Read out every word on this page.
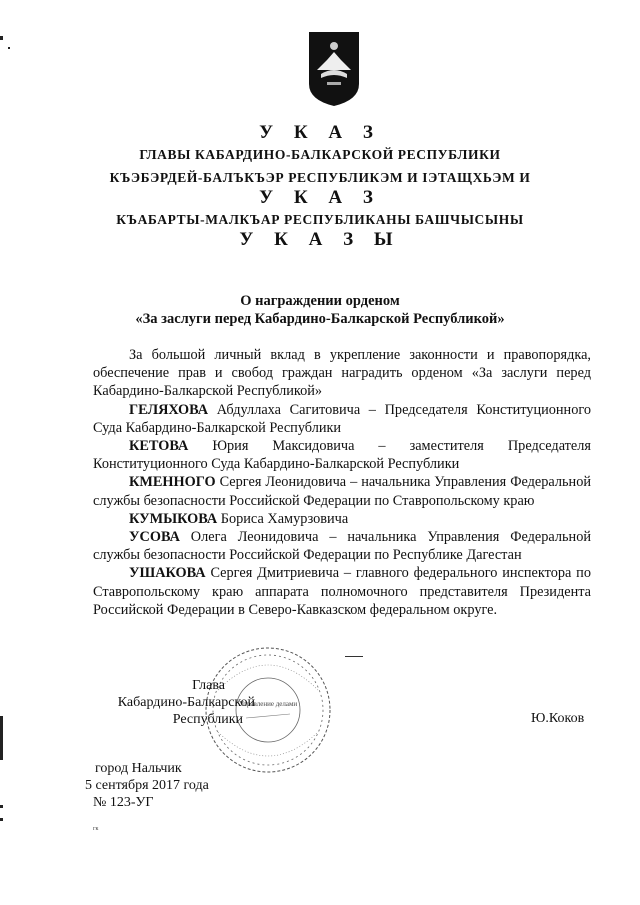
У К А З
ГЛАВЫ КАБАРДИНО-БАЛКАРСКОЙ РЕСПУБЛИКИ
КЪЭБЭРДЕЙ-БАЛЪКЪЭР РЕСПУБЛИКЭМ И ІЭТАЩХЬЭМ И
У К А З
КЪАБАРТЫ-МАЛКЪАР РЕСПУБЛИКАНЫ БАШЧЫСЫНЫ
У К А З Ы
О награждении орденом
«За заслуги перед Кабардино-Балкарской Республикой»

За большой личный вклад в укрепление законности и правопорядка, обеспечение прав и свобод граждан наградить орденом «За заслуги перед Кабардино-Балкарской Республикой»

ГЕЛЯХОВА Абдуллаха Сагитовича – Председателя Конституционного Суда Кабардино-Балкарской Республики

КЕТОВА Юрия Максидовича – заместителя Председателя Конституционного Суда Кабардино-Балкарской Республики

КМЕННОГО Сергея Леонидовича – начальника Управления Федеральной службы безопасности Российской Федерации по Ставропольскому краю

КУМЫКОВА Бориса Хамурзовича

УСОВА Олега Леонидовича – начальника Управления Федеральной службы безопасности Российской Федерации по Республике Дагестан

УШАКОВА Сергея Дмитриевича – главного федерального инспектора по Ставропольскому краю аппарата полномочного представителя Президента Российской Федерации в Северо-Кавказском федеральном округе.

Управление делами
Глава
Кабардино-Балкарской
Республики	Ю.Коков
город Нальчик
5 сентября 2017 года
№ 123-УГ
гк
